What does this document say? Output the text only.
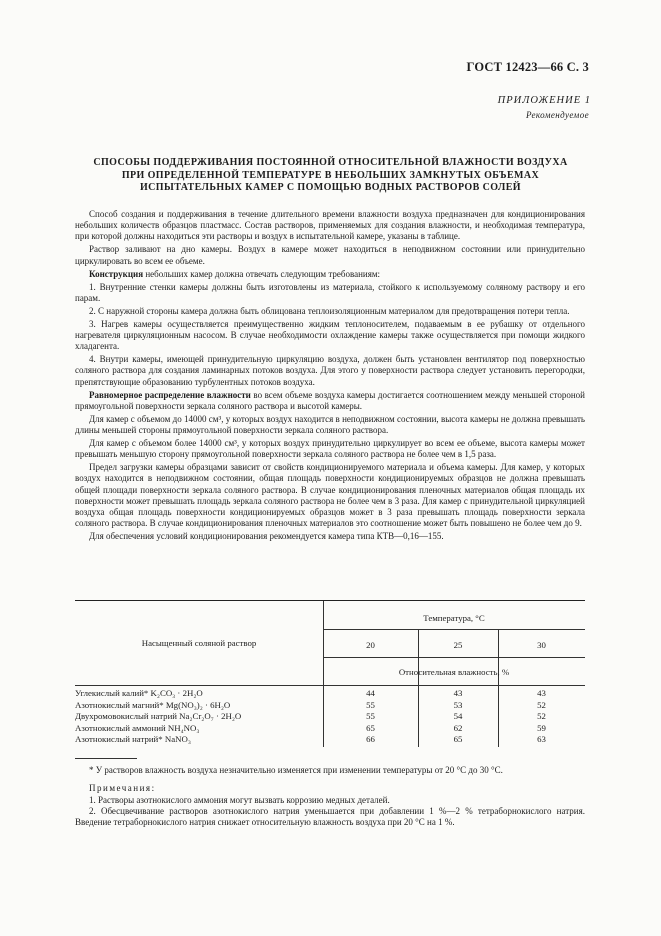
ГОСТ 12423—66 С. 3
ПРИЛОЖЕНИЕ 1
Рекомендуемое
СПОСОБЫ ПОДДЕРЖИВАНИЯ ПОСТОЯННОЙ ОТНОСИТЕЛЬНОЙ ВЛАЖНОСТИ ВОЗДУХА
ПРИ ОПРЕДЕЛЕННОЙ ТЕМПЕРАТУРЕ В НЕБОЛЬШИХ ЗАМКНУТЫХ ОБЪЕМАХ
ИСПЫТАТЕЛЬНЫХ КАМЕР С ПОМОЩЬЮ ВОДНЫХ РАСТВОРОВ СОЛЕЙ

Способ создания и поддерживания в течение длительного времени влажности воздуха предназначен для кондиционирования небольших количеств образцов пластмасс. Состав растворов, применяемых для создания влажности, и необходимая температура, при которой должны находиться эти растворы и воздух в испытательной камере, указаны в таблице.

Раствор заливают на дно камеры. Воздух в камере может находиться в неподвижном состоянии или принудительно циркулировать во всем ее объеме.

Конструкция небольших камер должна отвечать следующим требованиям:

1. Внутренние стенки камеры должны быть изготовлены из материала, стойкого к используемому соляному раствору и его парам.

2. С наружной стороны камера должна быть облицована теплоизоляционным материалом для предотвращения потери тепла.

3. Нагрев камеры осуществляется преимущественно жидким теплоносителем, подаваемым в ее рубашку от отдельного нагревателя циркуляционным насосом. В случае необходимости охлаждение камеры также осуществляется при помощи жидкого хладагента.

4. Внутри камеры, имеющей принудительную циркуляцию воздуха, должен быть установлен вентилятор под поверхностью соляного раствора для создания ламинарных потоков воздуха. Для этого у поверхности раствора следует установить перегородки, препятствующие образованию турбулентных потоков воздуха.

Равномерное распределение влажности во всем объеме воздуха камеры достигается соотношением между меньшей стороной прямоугольной поверхности зеркала соляного раствора и высотой камеры.

Для камер с объемом до 14000 см³, у которых воздух находится в неподвижном состоянии, высота камеры не должна превышать длины меньшей стороны прямоугольной поверхности зеркала соляного раствора.

Для камер с объемом более 14000 см³, у которых воздух принудительно циркулирует во всем ее объеме, высота камеры может превышать меньшую сторону прямоугольной поверхности зеркала соляного раствора не более чем в 1,5 раза.

Предел загрузки камеры образцами зависит от свойств кондиционируемого материала и объема камеры. Для камер, у которых воздух находится в неподвижном состоянии, общая площадь поверхности кондиционируемых образцов не должна превышать общей площади поверхности зеркала соляного раствора. В случае кондиционирования пленочных материалов общая площадь их поверхности может превышать площадь зеркала соляного раствора не более чем в 3 раза. Для камер с принудительной циркуляцией воздуха общая площадь поверхности кондиционируемых образцов может в 3 раза превышать площадь поверхности зеркала соляного раствора. В случае кондиционирования пленочных материалов это соотношение может быть повышено не более чем до 9.

Для обеспечения условий кондиционирования рекомендуется камера типа КТВ—0,16—155.

Насыщенный соляной раствор
Температура, °С
20	25	30
Относительная влажность, %
Углекислый калий* K₂CO₃ · 2H₂O	44	43	43
Азотнокислый магний* Mg(NO₃)₂ · 6H₂O	55	53	52
Двухромовокислый натрий Na₂Cr₂O₇ · 2H₂O	55	54	52
Азотнокислый аммоний NH₄NO₃	65	62	59
Азотнокислый натрий* NaNO₃	66	65	63
* У растворов влажность воздуха незначительно изменяется при изменении температуры от 20 °С до 30 °С.
Примечания:
1. Растворы азотнокислого аммония могут вызвать коррозию медных деталей.
2. Обесцвечивание растворов азотнокислого натрия уменьшается при добавлении 1 %—2 % тетраборнокислого натрия. Введение тетраборнокислого натрия снижает относительную влажность воздуха при 20 °С на 1 %.
